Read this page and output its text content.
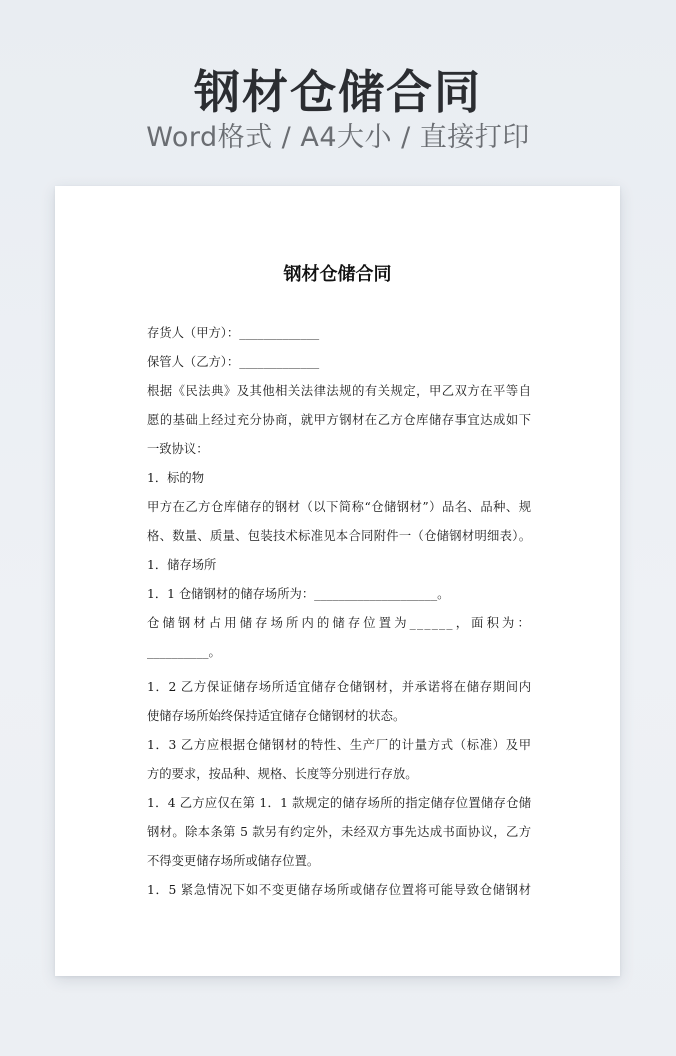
钢材仓储合同
Word格式 / A4大小 / 直接打印
钢材仓储合同
存货人（甲方）：_____________
保管人（乙方）：_____________
根据《民法典》及其他相关法律法规的有关规定，甲乙双方在平等自
愿的基础上经过充分协商，就甲方钢材在乙方仓库储存事宜达成如下
一致协议：
1．标的物
甲方在乙方仓库储存的钢材（以下简称“仓储钢材”）品名、品种、规
格、数量、质量、包装技术标准见本合同附件一（仓储钢材明细表）。
1．储存场所
1．1 仓储钢材的储存场所为：____________________。
仓储钢材占用储存场所内的储存位置为______，面积为：
__________。
1．2 乙方保证储存场所适宜储存仓储钢材，并承诺将在储存期间内
使储存场所始终保持适宜储存仓储钢材的状态。
1．3 乙方应根据仓储钢材的特性、生产厂的计量方式（标准）及甲
方的要求，按品种、规格、长度等分别进行存放。
1．4 乙方应仅在第 1．1 款规定的储存场所的指定储存位置储存仓储
钢材。除本条第 5 款另有约定外，未经双方事先达成书面协议，乙方
不得变更储存场所或储存位置。
1．5 紧急情况下如不变更储存场所或储存位置将可能导致仓储钢材
